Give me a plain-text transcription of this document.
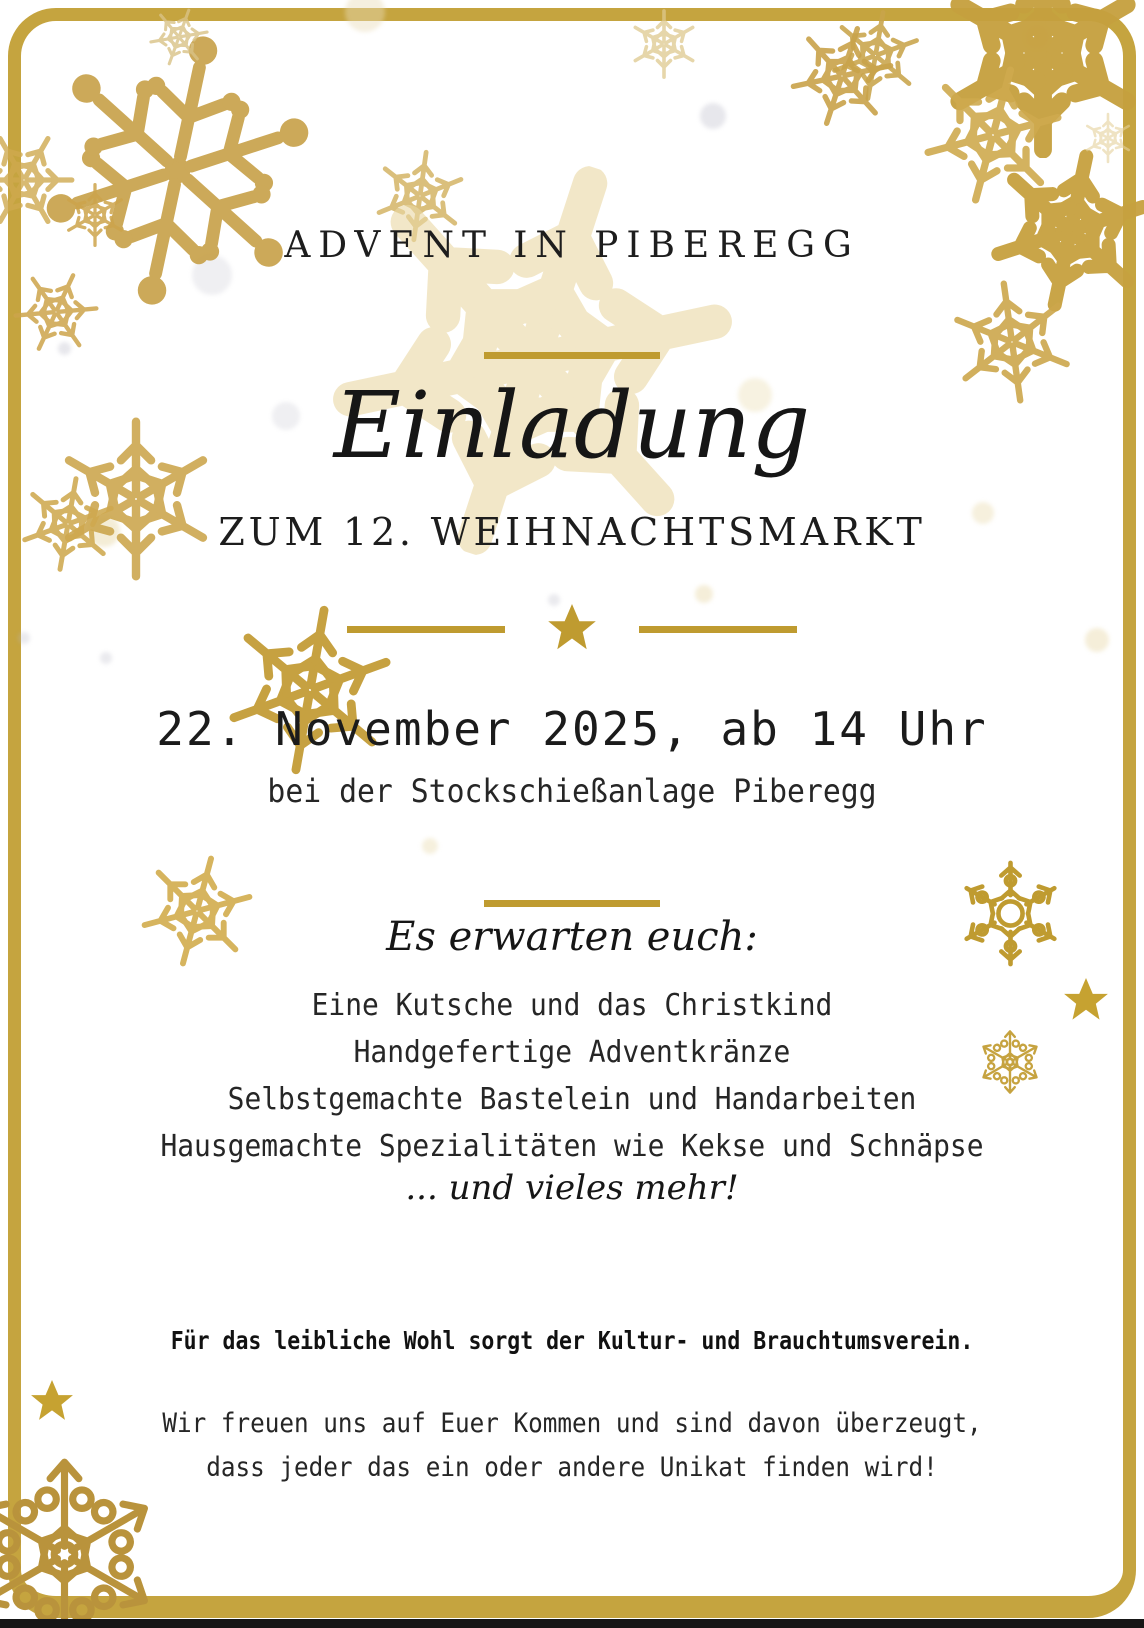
ADVENT IN PIBEREGG
Einladung
ZUM 12. WEIHNACHTSMARKT
22. November 2025, ab 14 Uhr
bei der Stockschießanlage Piberegg
Es erwarten euch:
Eine Kutsche und das Christkind
Handgefertige Adventkränze
Selbstgemachte Bastelein und Handarbeiten
Hausgemachte Spezialitäten wie Kekse und Schnäpse
... und vieles mehr!
Für das leibliche Wohl sorgt der Kultur- und Brauchtumsverein.
Wir freuen uns auf Euer Kommen und sind davon überzeugt,
dass jeder das ein oder andere Unikat finden wird!
